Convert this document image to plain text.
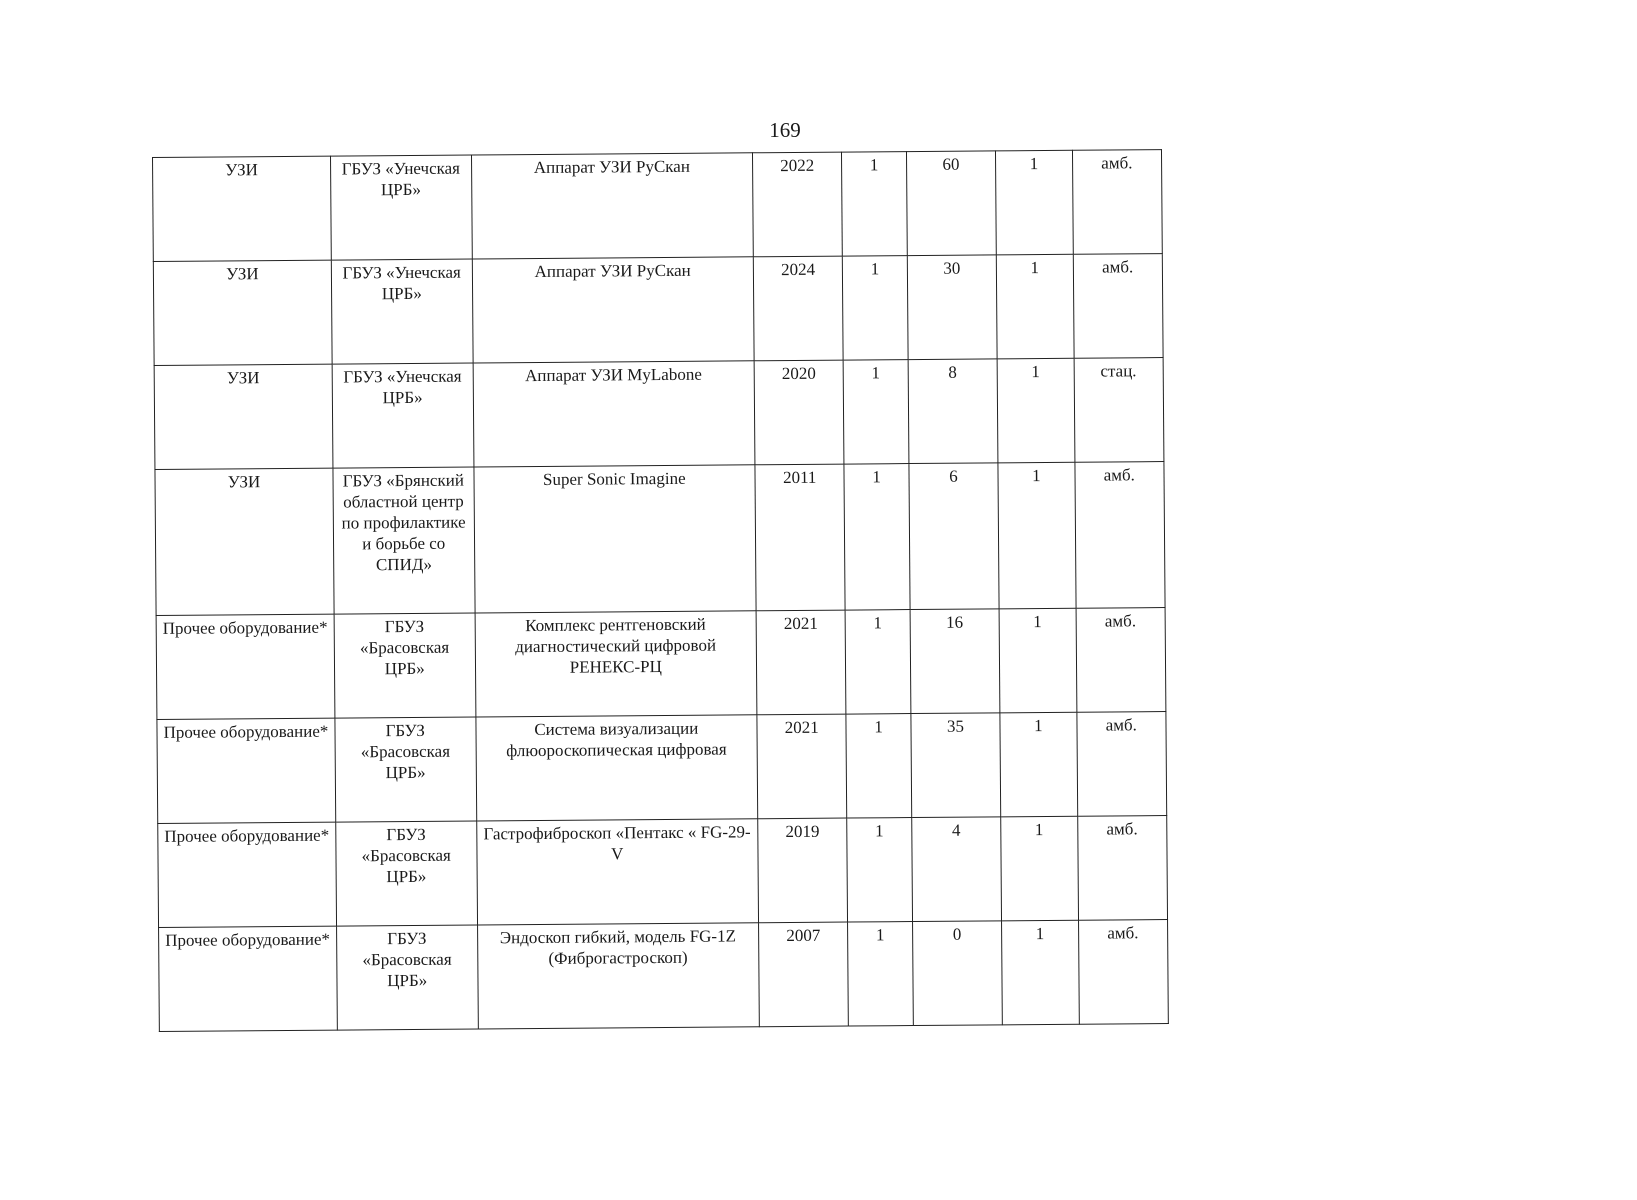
169
УЗИ	ГБУЗ «Унечская ЦРБ»	Аппарат УЗИ РуСкан	2022	1	60	1	амб.
УЗИ	ГБУЗ «Унечская ЦРБ»	Аппарат УЗИ РуСкан	2024	1	30	1	амб.
УЗИ	ГБУЗ «Унечская ЦРБ»	Аппарат УЗИ MyLabone	2020	1	8	1	стац.
УЗИ	ГБУЗ «Брянский областной центр по профилактике и борьбе со СПИД»	Super Sonic Imagine	2011	1	6	1	амб.
Прочее оборудование*	ГБУЗ «Брасовская ЦРБ»	Комплекс рентгеновский диагностический цифровой РЕНЕКС-РЦ	2021	1	16	1	амб.
Прочее оборудование*	ГБУЗ «Брасовская ЦРБ»	Система визуализации флюороскопическая цифровая	2021	1	35	1	амб.
Прочее оборудование*	ГБУЗ «Брасовская ЦРБ»	Гастрофиброскоп «Пентакс « FG-29-V	2019	1	4	1	амб.
Прочее оборудование*	ГБУЗ «Брасовская ЦРБ»	Эндоскоп гибкий, модель FG-1Z (Фиброгастроскоп)	2007	1	0	1	амб.
